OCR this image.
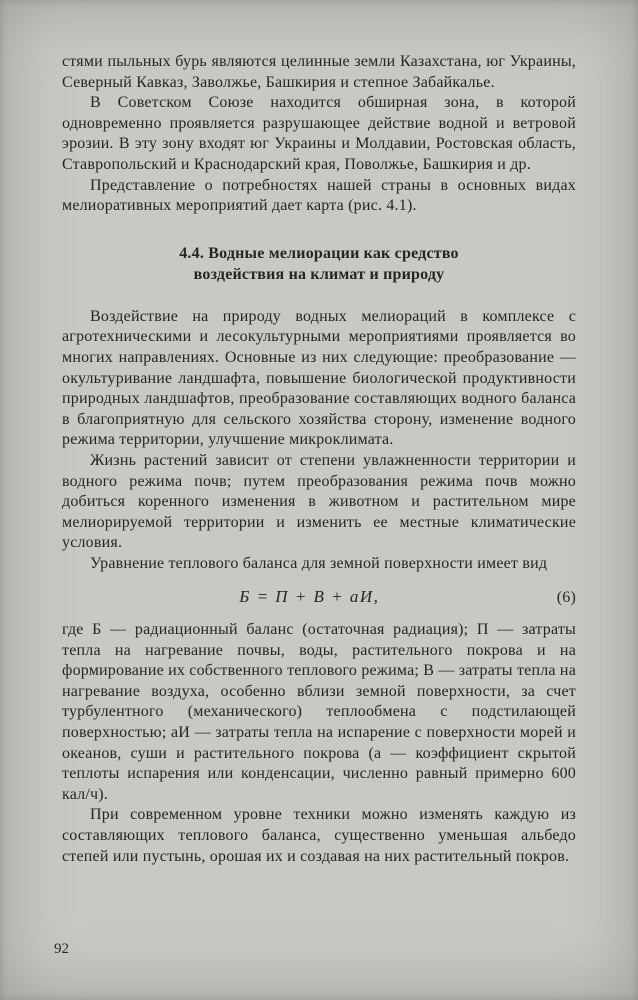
стями пыльных бурь являются целинные земли Казахстана, юг Украины, Северный Кавказ, Заволжье, Башкирия и степное Забайкалье.

В Советском Союзе находится обширная зона, в которой одновременно проявляется разрушающее действие водной и ветровой эрозии. В эту зону входят юг Украины и Молдавии, Ростовская область, Ставропольский и Краснодарский края, Поволжье, Башкирия и др.

Представление о потребностях нашей страны в основных видах мелиоративных мероприятий дает карта (рис. 4.1).

4.4. Водные мелиорации как средство
воздействия на климат и природу

Воздействие на природу водных мелиораций в комплексе с агротехническими и лесокультурными мероприятиями проявляется во многих направлениях. Основные из них следующие: преобразование — окультуривание ландшафта, повышение биологической продуктивности природных ландшафтов, преобразование составляющих водного баланса в благоприятную для сельского хозяйства сторону, изменение водного режима территории, улучшение микроклимата.

Жизнь растений зависит от степени увлажненности территории и водного режима почв; путем преобразования режима почв можно добиться коренного изменения в животном и растительном мире мелиорируемой территории и изменить ее местные климатические условия.

Уравнение теплового баланса для земной поверхности имеет вид

Б = П + В + аИ,	(6)

где Б — радиационный баланс (остаточная радиация); П — затраты тепла на нагревание почвы, воды, растительного покрова и на формирование их собственного теплового режима; В — затраты тепла на нагревание воздуха, особенно вблизи земной поверхности, за счет турбулентного (механического) теплообмена с подстилающей поверхностью; аИ — затраты тепла на испарение с поверхности морей и океанов, суши и растительного покрова (а — коэффициент скрытой теплоты испарения или конденсации, численно равный примерно 600 кал/ч).

При современном уровне техники можно изменять каждую из составляющих теплового баланса, существенно уменьшая альбедо степей или пустынь, орошая их и создавая на них растительный покров.

92
